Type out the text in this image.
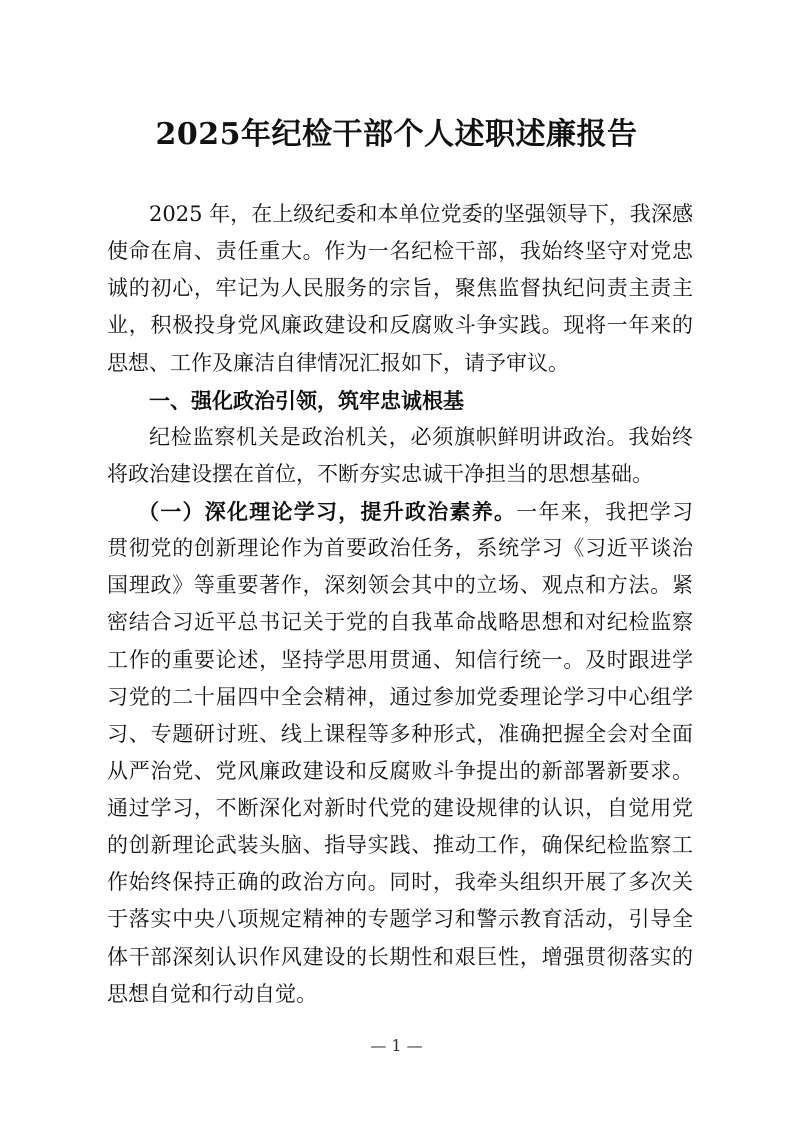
2025年纪检干部个人述职述廉报告
2025 年，在上级纪委和本单位党委的坚强领导下，我深感
使命在肩、责任重大。作为一名纪检干部，我始终坚守对党忠
诚的初心，牢记为人民服务的宗旨，聚焦监督执纪问责主责主
业，积极投身党风廉政建设和反腐败斗争实践。现将一年来的
思想、工作及廉洁自律情况汇报如下，请予审议。
一、强化政治引领，筑牢忠诚根基
纪检监察机关是政治机关，必须旗帜鲜明讲政治。我始终
将政治建设摆在首位，不断夯实忠诚干净担当的思想基础。
（一）深化理论学习，提升政治素养。一年来，我把学习
贯彻党的创新理论作为首要政治任务，系统学习《习近平谈治
国理政》等重要著作，深刻领会其中的立场、观点和方法。紧
密结合习近平总书记关于党的自我革命战略思想和对纪检监察
工作的重要论述，坚持学思用贯通、知信行统一。及时跟进学
习党的二十届四中全会精神，通过参加党委理论学习中心组学
习、专题研讨班、线上课程等多种形式，准确把握全会对全面
从严治党、党风廉政建设和反腐败斗争提出的新部署新要求。
通过学习，不断深化对新时代党的建设规律的认识，自觉用党
的创新理论武装头脑、指导实践、推动工作，确保纪检监察工
作始终保持正确的政治方向。同时，我牵头组织开展了多次关
于落实中央八项规定精神的专题学习和警示教育活动，引导全
体干部深刻认识作风建设的长期性和艰巨性，增强贯彻落实的
思想自觉和行动自觉。
— 1 —
